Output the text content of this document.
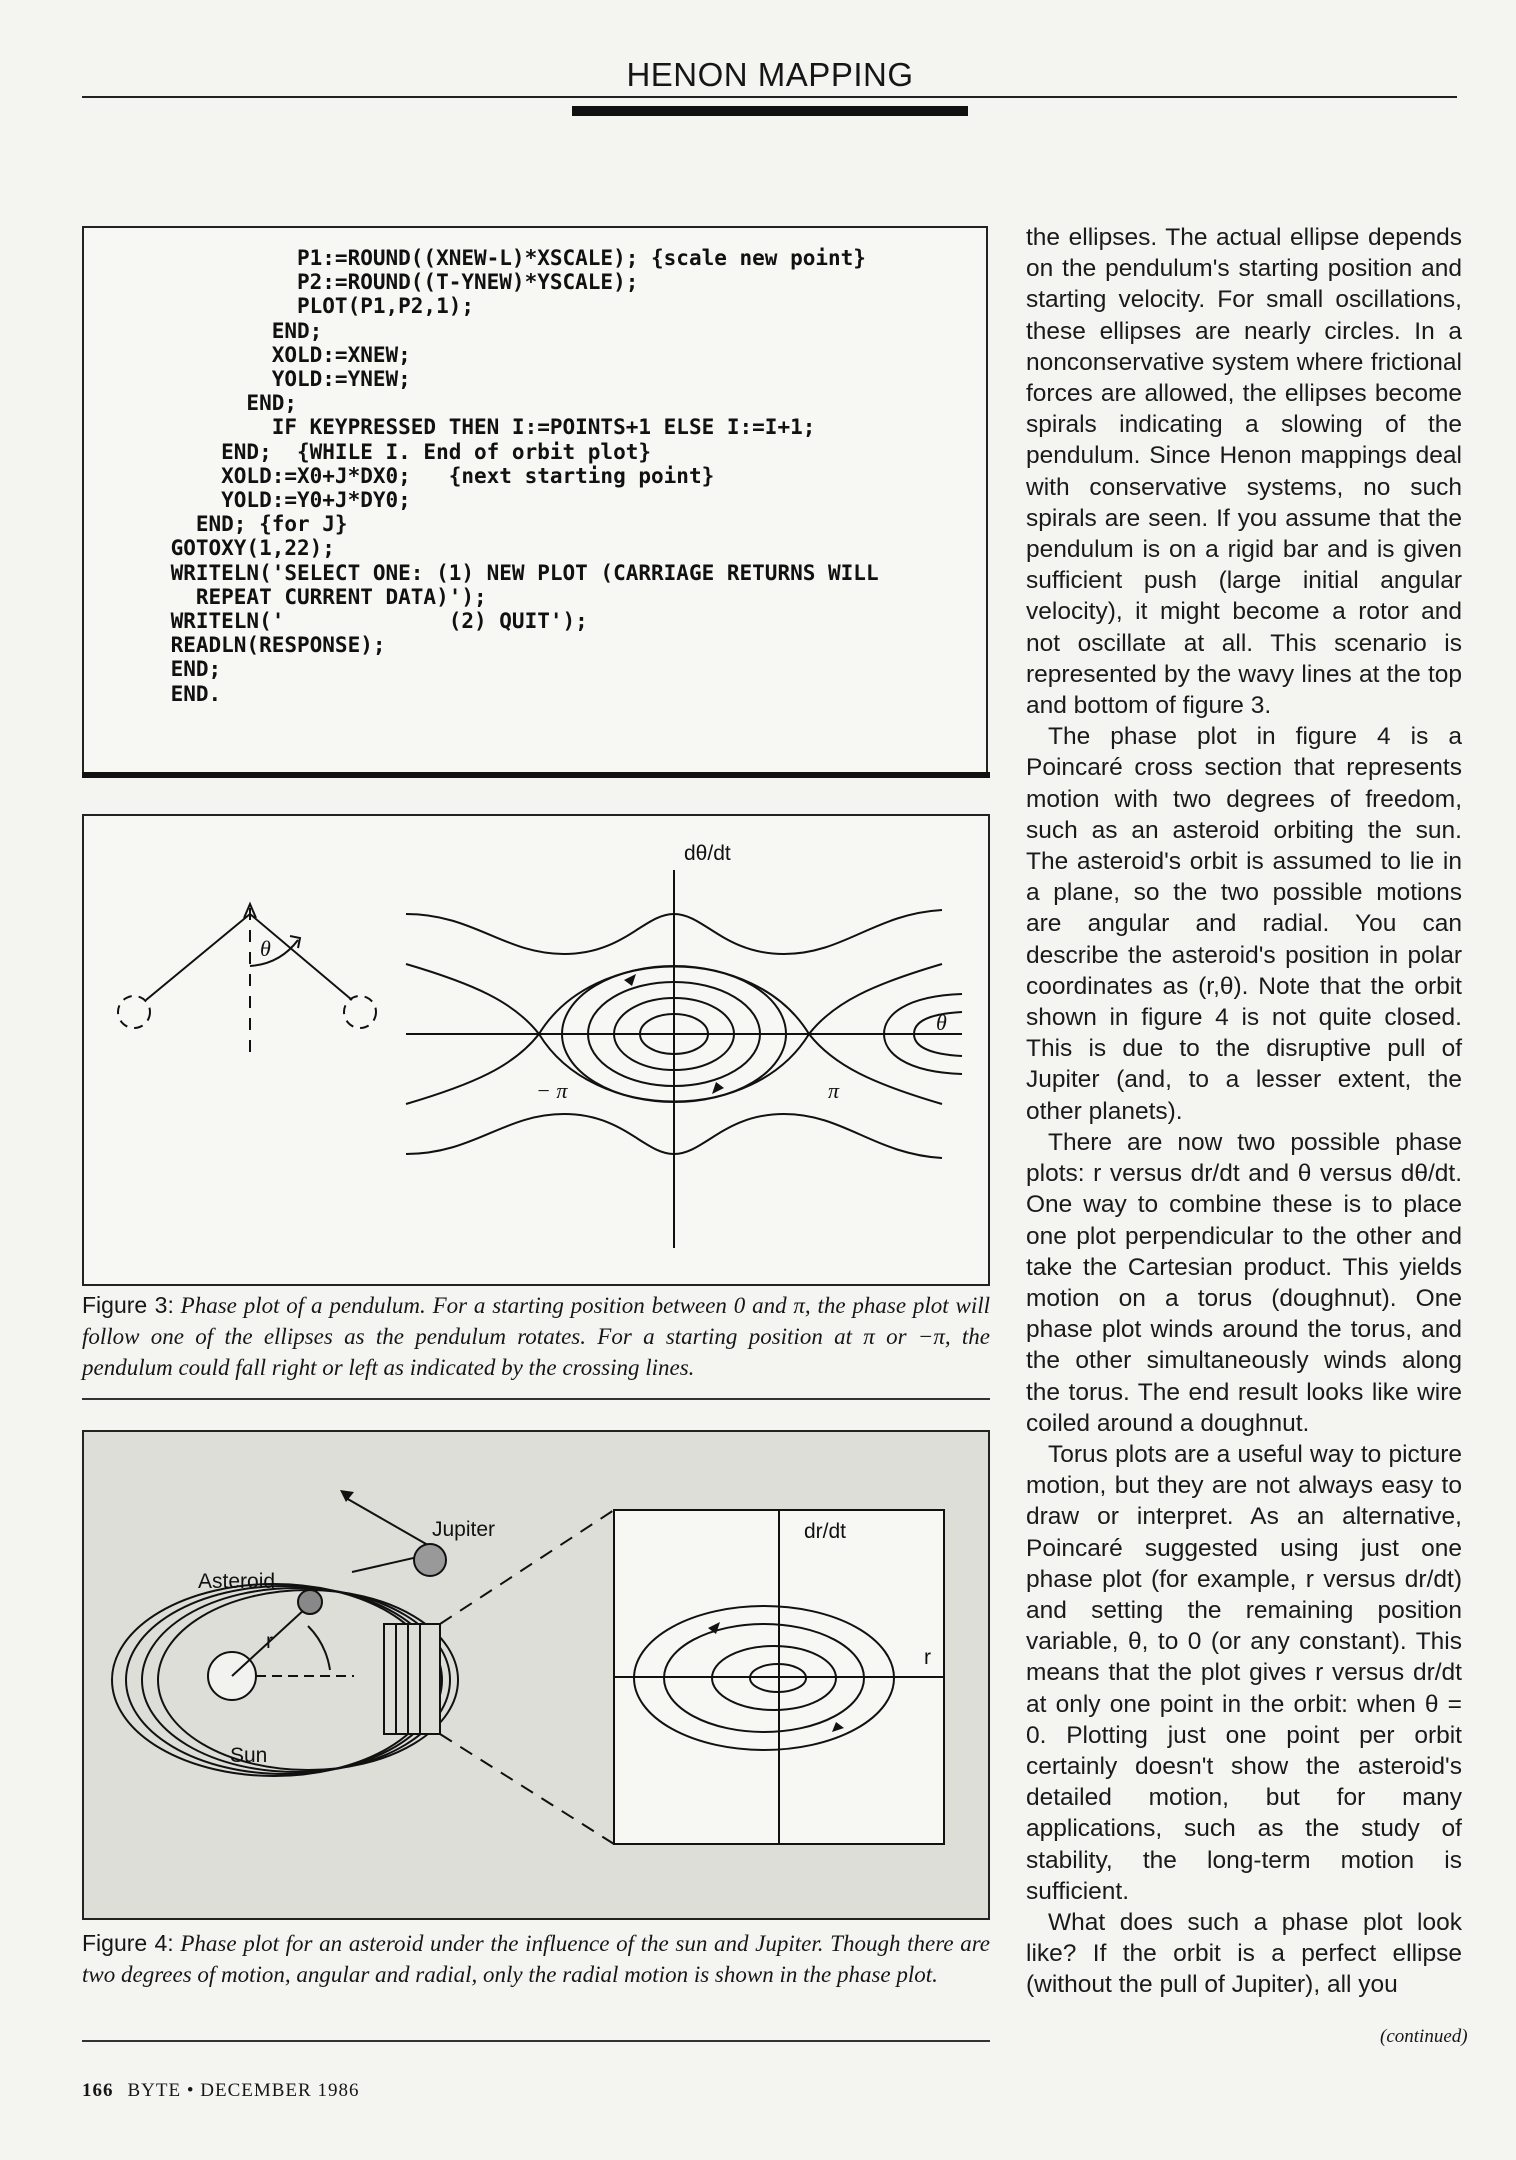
HENON MAPPING
P1:=ROUND((XNEW-L)*XSCALE); {scale new point}
P2:=ROUND((T-YNEW)*YSCALE);
PLOT(P1,P2,1);
END;
XOLD:=XNEW;
YOLD:=YNEW;
END;
IF KEYPRESSED THEN I:=POINTS+1 ELSE I:=I+1;
END;  {WHILE I. End of orbit plot}
XOLD:=X0+J*DX0;   {next starting point}
YOLD:=Y0+J*DY0;
END; {for J}
GOTOXY(1,22);
WRITELN('SELECT ONE: (1) NEW PLOT (CARRIAGE RETURNS WILL
REPEAT CURRENT DATA)');
WRITELN('             (2) QUIT');
READLN(RESPONSE);
END;
END.
dθ/dt
θ
θ
− π	π
Figure 3: Phase plot of a pendulum. For a starting position between 0 and π, the phase plot will follow one of the ellipses as the pendulum rotates. For a starting position at π or −π, the pendulum could fall right or left as indicated by the crossing lines.
Jupiter
Asteroid
r
Sun
dr/dt
r
Figure 4: Phase plot for an asteroid under the influence of the sun and Jupiter. Though there are two degrees of motion, angular and radial, only the radial motion is shown in the phase plot.

the ellipses. The actual ellipse depends on the pendulum's starting position and starting velocity. For small oscillations, these ellipses are nearly circles. In a nonconservative system where frictional forces are allowed, the ellipses become spirals indicating a slowing of the pendulum. Since Henon mappings deal with conservative systems, no such spirals are seen. If you assume that the pendulum is on a rigid bar and is given sufficient push (large initial angular velocity), it might become a rotor and not oscillate at all. This scenario is represented by the wavy lines at the top and bottom of figure 3.

The phase plot in figure 4 is a Poincaré cross section that represents motion with two degrees of freedom, such as an asteroid orbiting the sun. The asteroid's orbit is assumed to lie in a plane, so the two possible motions are angular and radial. You can describe the asteroid's position in polar coordinates as (r,θ). Note that the orbit shown in figure 4 is not quite closed. This is due to the disruptive pull of Jupiter (and, to a lesser extent, the other planets).

There are now two possible phase plots: r versus dr/dt and θ versus dθ/dt. One way to combine these is to place one plot perpendicular to the other and take the Cartesian product. This yields motion on a torus (doughnut). One phase plot winds around the torus, and the other simultaneously winds along the torus. The end result looks like wire coiled around a doughnut.

Torus plots are a useful way to picture motion, but they are not always easy to draw or interpret. As an alternative, Poincaré suggested using just one phase plot (for example, r versus dr/dt) and setting the remaining position variable, θ, to 0 (or any constant). This means that the plot gives r versus dr/dt at only one point in the orbit: when θ = 0. Plotting just one point per orbit certainly doesn't show the asteroid's detailed motion, but for many applications, such as the study of stability, the long-term motion is sufficient.

What does such a phase plot look like? If the orbit is a perfect ellipse (without the pull of Jupiter), all you

(continued)
166 BYTE • DECEMBER 1986
